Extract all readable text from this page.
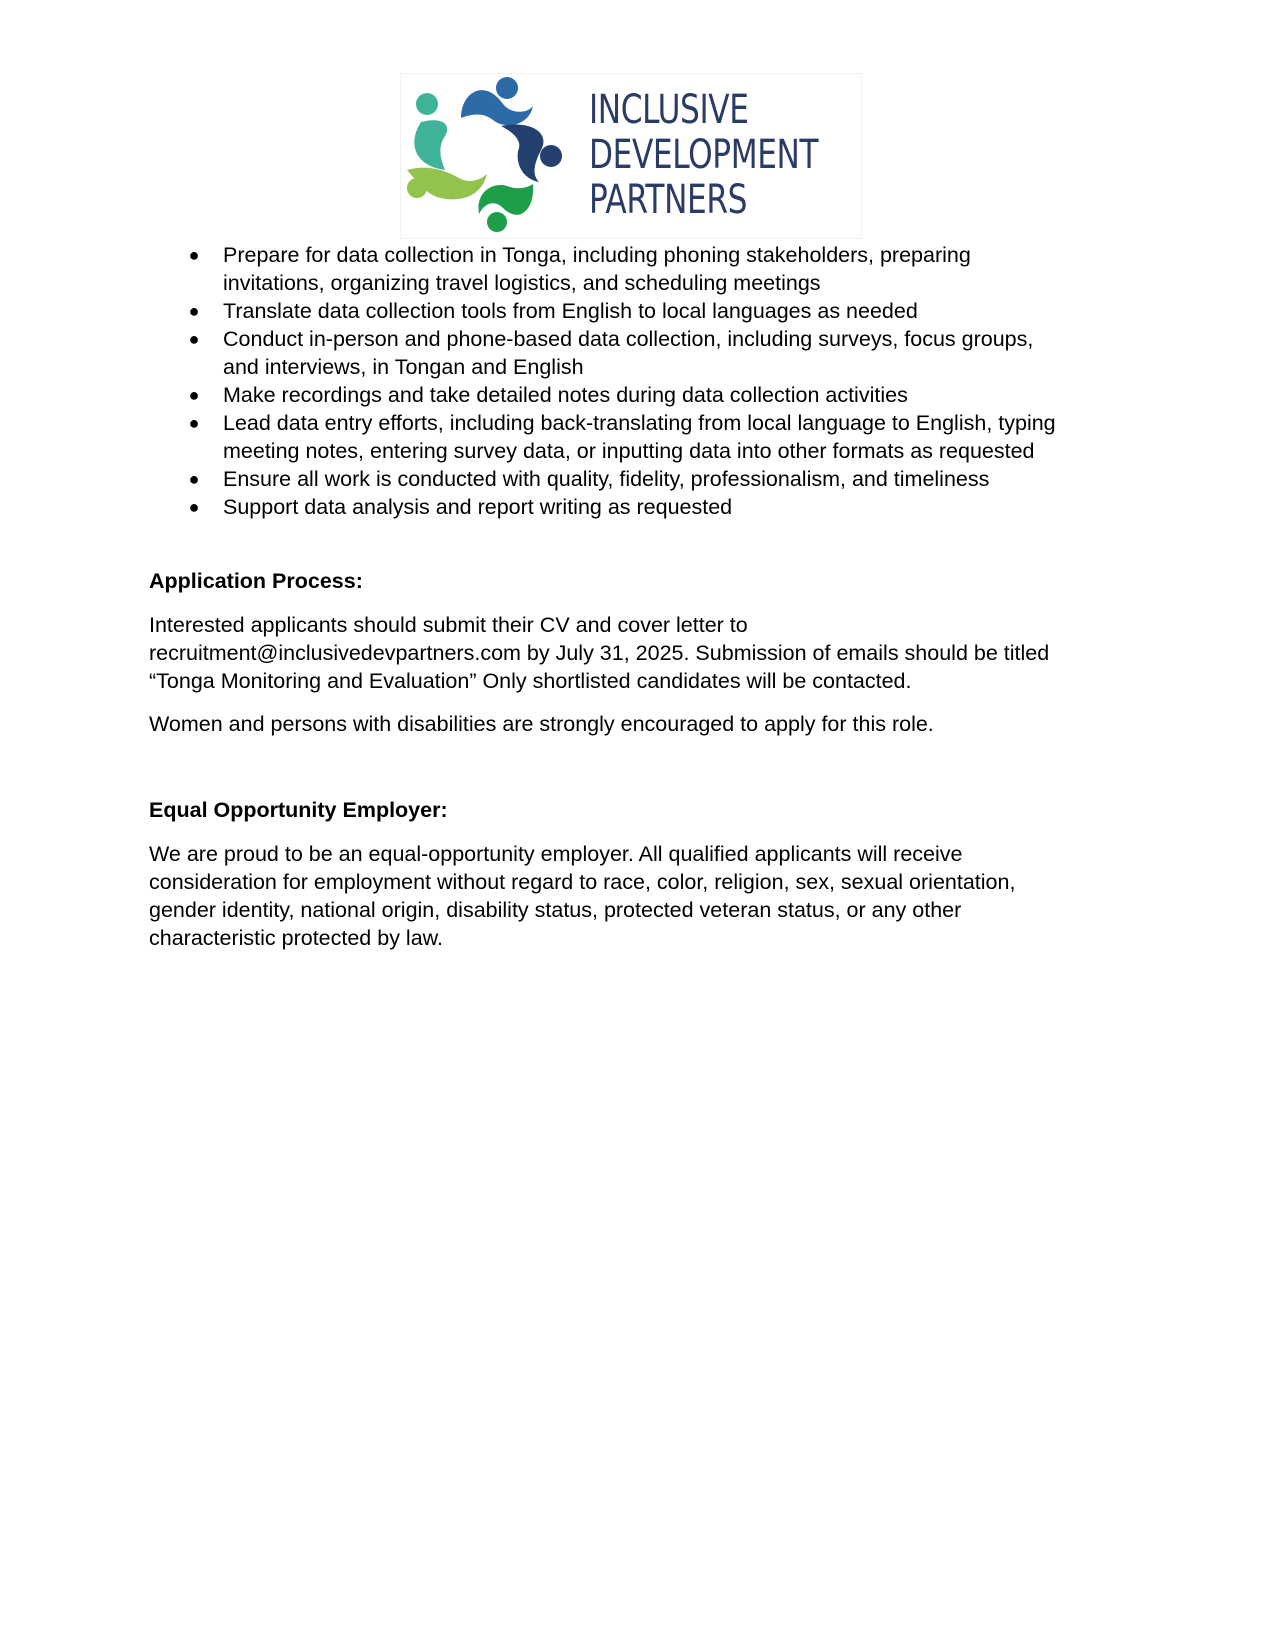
INCLUSIVE
DEVELOPMENT
PARTNERS
● Prepare for data collection in Tonga, including phoning stakeholders, preparing
invitations, organizing travel logistics, and scheduling meetings
● Translate data collection tools from English to local languages as needed
● Conduct in-person and phone-based data collection, including surveys, focus groups,
and interviews, in Tongan and English
● Make recordings and take detailed notes during data collection activities
● Lead data entry efforts, including back-translating from local language to English, typing
meeting notes, entering survey data, or inputting data into other formats as requested
● Ensure all work is conducted with quality, fidelity, professionalism, and timeliness
● Support data analysis and report writing as requested
Application Process:

Interested applicants should submit their CV and cover letter to
recruitment@inclusivedevpartners.com by July 31, 2025. Submission of emails should be titled
“Tonga Monitoring and Evaluation” Only shortlisted candidates will be contacted.

Women and persons with disabilities are strongly encouraged to apply for this role.

Equal Opportunity Employer:

We are proud to be an equal-opportunity employer. All qualified applicants will receive
consideration for employment without regard to race, color, religion, sex, sexual orientation,
gender identity, national origin, disability status, protected veteran status, or any other
characteristic protected by law.
